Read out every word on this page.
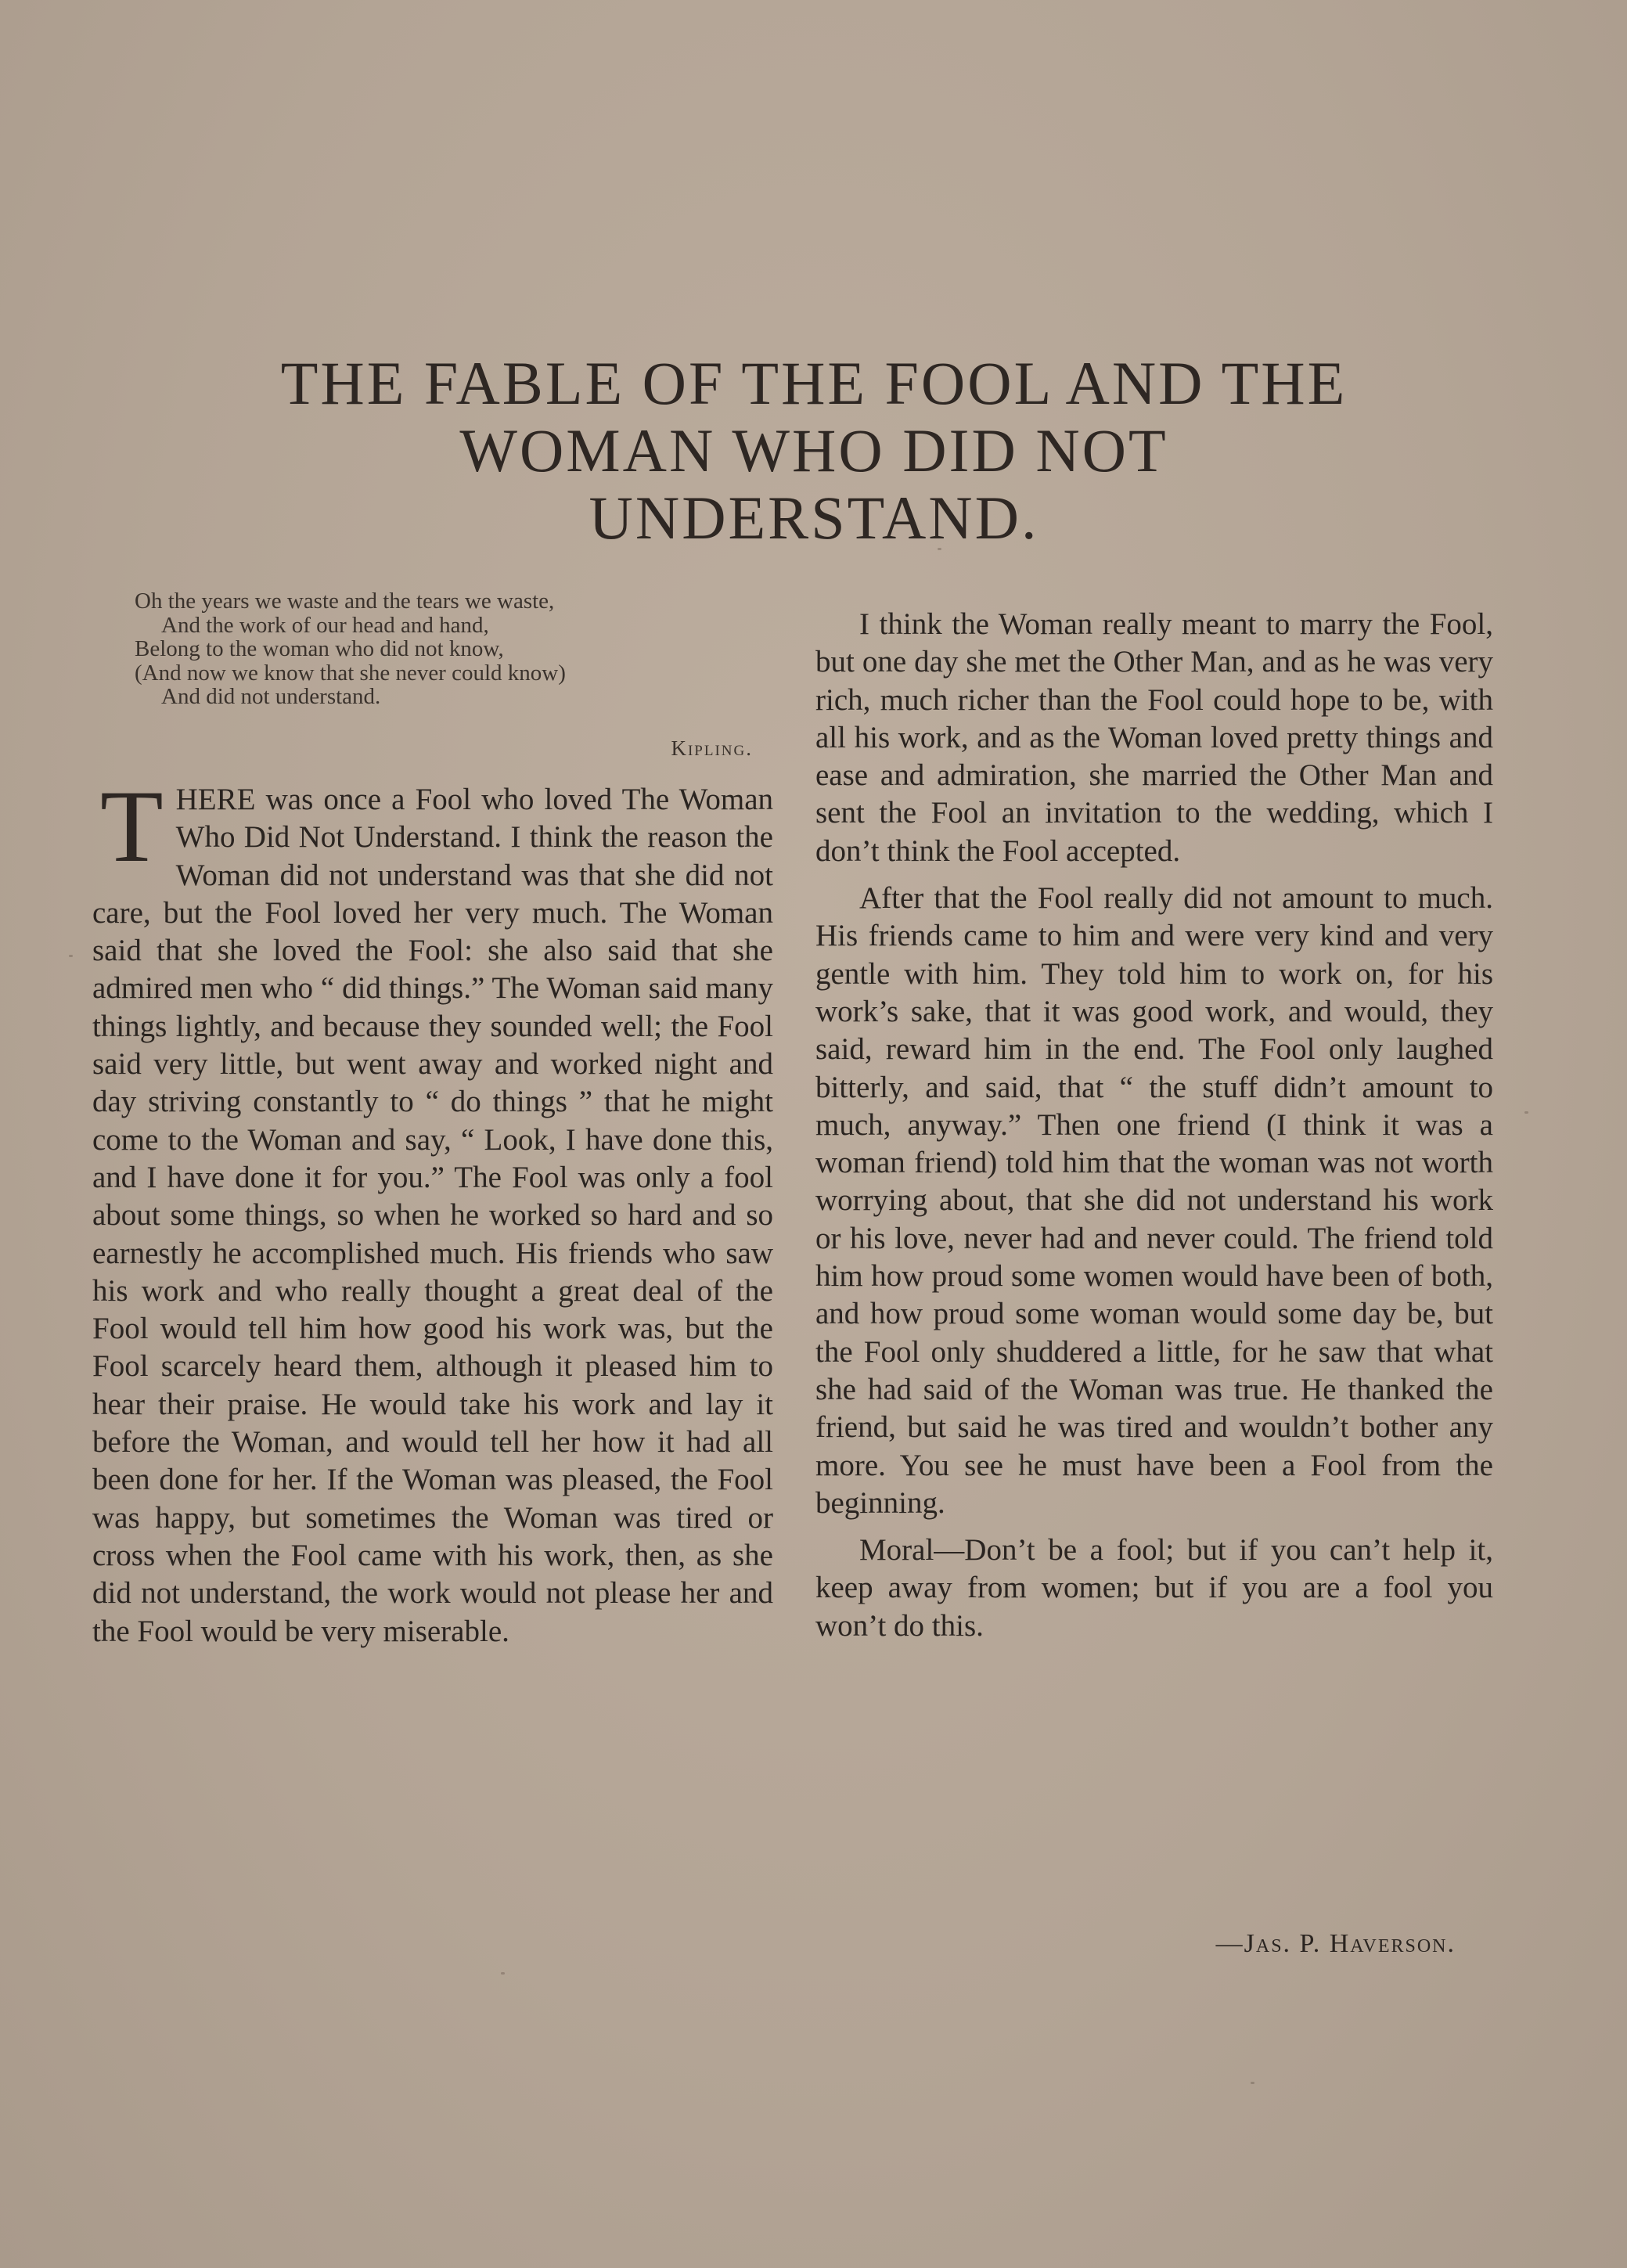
THE FABLE OF THE FOOL AND THE
WOMAN WHO DID NOT
UNDERSTAND.
Oh the years we waste and the tears we waste,
And the work of our head and hand,
Belong to the woman who did not know,
(And now we know that she never could know)
And did not understand.
Kipling.

THERE was once a Fool who loved The Woman Who Did Not Understand. I think the reason the Woman did not understand was that she did not care, but the Fool loved her very much. The Woman said that she loved the Fool: she also said that she admired men who “ did things.” The Woman said many things lightly, and because they sounded well; the Fool said very little, but went away and worked night and day striving constantly to “ do things ” that he might come to the Woman and say, “ Look, I have done this, and I have done it for you.” The Fool was only a fool about some things, so when he worked so hard and so earnestly he accomplished much. His friends who saw his work and who really thought a great deal of the Fool would tell him how good his work was, but the Fool scarcely heard them, although it pleased him to hear their praise. He would take his work and lay it before the Woman, and would tell her how it had all been done for her. If the Woman was pleased, the Fool was happy, but sometimes the Woman was tired or cross when the Fool came with his work, then, as she did not understand, the work would not please her and the Fool would be very miserable.

I think the Woman really meant to marry the Fool, but one day she met the Other Man, and as he was very rich, much richer than the Fool could hope to be, with all his work, and as the Woman loved pretty things and ease and admiration, she married the Other Man and sent the Fool an invitation to the wedding, which I don’t think the Fool accepted.

After that the Fool really did not amount to much. His friends came to him and were very kind and very gentle with him. They told him to work on, for his work’s sake, that it was good work, and would, they said, reward him in the end. The Fool only laughed bitterly, and said, that “ the stuff didn’t amount to much, anyway.” Then one friend (I think it was a woman friend) told him that the woman was not worth worrying about, that she did not understand his work or his love, never had and never could. The friend told him how proud some women would have been of both, and how proud some woman would some day be, but the Fool only shuddered a little, for he saw that what she had said of the Woman was true. He thanked the friend, but said he was tired and wouldn’t bother any more. You see he must have been a Fool from the beginning.

Moral—Don’t be a fool; but if you can’t help it, keep away from women; but if you are a fool you won’t do this.

—Jas. P. Haverson.
